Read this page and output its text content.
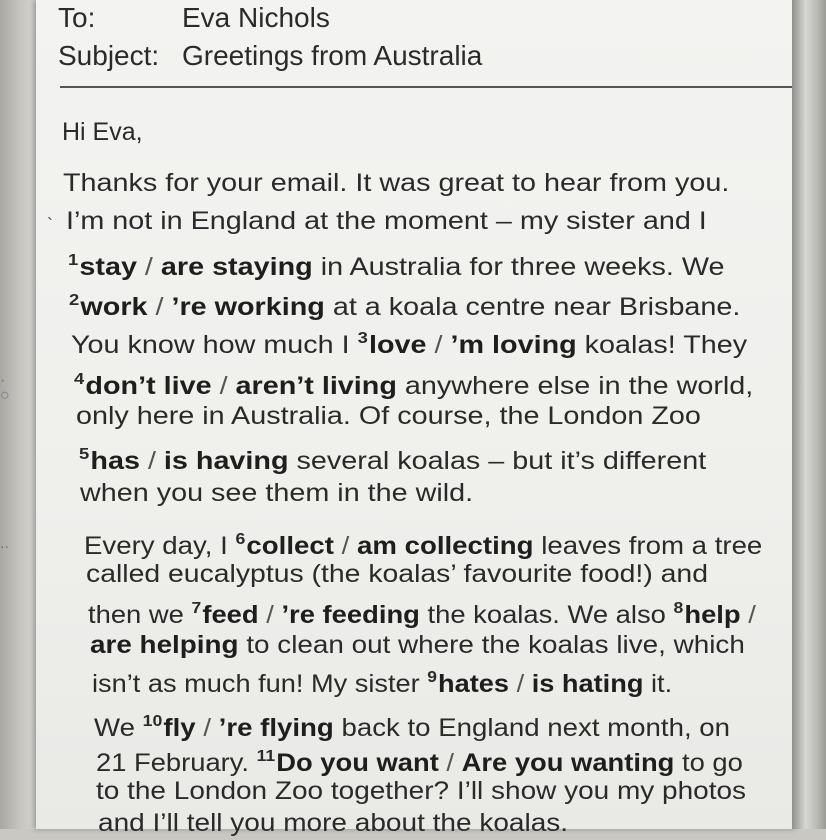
·
○
..
`
To:	Eva Nichols
Subject: Greetings from Australia
Hi Eva,
Thanks for your email. It was great to hear from you.
I’m not in England at the moment – my sister and I
$^1$stay / are staying in Australia for three weeks. We
$^2$work / ’re working at a koala centre near Brisbane.
You know how much I $^3$love / ’m loving koalas! They
$^4$don’t live / aren’t living anywhere else in the world,
only here in Australia. Of course, the London Zoo
$^5$has / is having several koalas – but it’s different
when you see them in the wild.
Every day, I $^6$collect / am collecting leaves from a tree
called eucalyptus (the koalas’ favourite food!) and
then we $^7$feed / ’re feeding the koalas. We also $^8$help /
are helping to clean out where the koalas live, which
isn’t as much fun! My sister $^9$hates / is hating it.
We $^{10}$fly / ’re flying back to England next month, on
21 February. $^{11}$Do you want / Are you wanting to go
to the London Zoo together? I’ll show you my photos
and I’ll tell you more about the koalas.
